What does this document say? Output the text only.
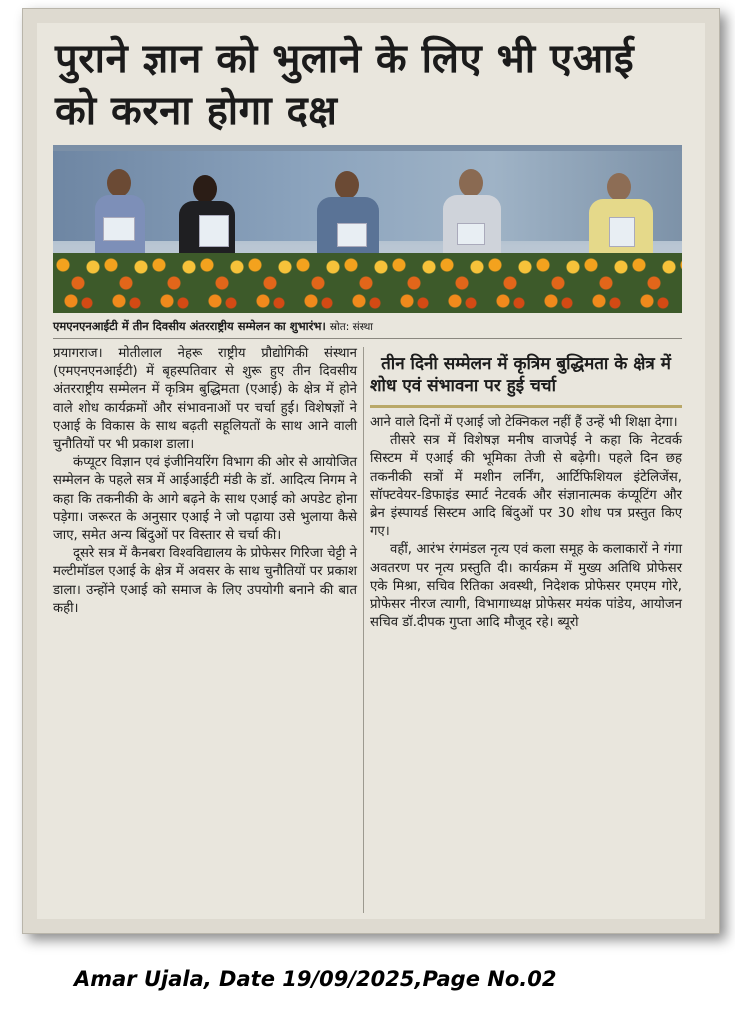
पुराने ज्ञान को भुलाने के लिए भी एआई को करना होगा दक्ष
एमएनएनआईटी में तीन दिवसीय अंतरराष्ट्रीय सम्मेलन का शुभारंभ। स्रोत: संस्था

प्रयागराज। मोतीलाल नेहरू राष्ट्रीय प्रौद्योगिकी संस्थान (एमएनएनआईटी) में बृहस्पतिवार से शुरू हुए तीन दिवसीय अंतरराष्ट्रीय सम्मेलन में कृत्रिम बुद्धिमता (एआई) के क्षेत्र में होने वाले शोध कार्यक्रमों और संभावनाओं पर चर्चा हुई। विशेषज्ञों ने एआई के विकास के साथ बढ़ती सहूलियतों के साथ आने वाली चुनौतियों पर भी प्रकाश डाला।

कंप्यूटर विज्ञान एवं इंजीनियरिंग विभाग की ओर से आयोजित सम्मेलन के पहले सत्र में आईआईटी मंडी के डॉ. आदित्य निगम ने कहा कि तकनीकी के आगे बढ़ने के साथ एआई को अपडेट होना पड़ेगा। जरूरत के अनुसार एआई ने जो पढ़ाया उसे भुलाया कैसे जाए, समेत अन्य बिंदुओं पर विस्तार से चर्चा की।

दूसरे सत्र में कैनबरा विश्वविद्यालय के प्रोफेसर गिरिजा चेट्टी ने मल्टीमॉडल एआई के क्षेत्र में अवसर के साथ चुनौतियों पर प्रकाश डाला। उन्होंने एआई को समाज के लिए उपयोगी बनाने की बात कही।

तीन दिनी सम्मेलन में कृत्रिम बुद्धिमता के क्षेत्र में शोध एवं संभावना पर हुई चर्चा

आने वाले दिनों में एआई जो टेक्निकल नहीं हैं उन्हें भी शिक्षा देगा।

तीसरे सत्र में विशेषज्ञ मनीष वाजपेई ने कहा कि नेटवर्क सिस्टम में एआई की भूमिका तेजी से बढ़ेगी। पहले दिन छह तकनीकी सत्रों में मशीन लर्निंग, आर्टिफिशियल इंटेलिजेंस, सॉफ्टवेयर-डिफाइंड स्मार्ट नेटवर्क और संज्ञानात्मक कंप्यूटिंग और ब्रेन इंस्पायर्ड सिस्टम आदि बिंदुओं पर 30 शोध पत्र प्रस्तुत किए गए।

वहीं, आरंभ रंगमंडल नृत्य एवं कला समूह के कलाकारों ने गंगा अवतरण पर नृत्य प्रस्तुति दी। कार्यक्रम में मुख्य अतिथि प्रोफेसर एके मिश्रा, सचिव रितिका अवस्थी, निदेशक प्रोफेसर एमएम गोरे, प्रोफेसर नीरज त्यागी, विभागाध्यक्ष प्रोफेसर मयंक पांडेय, आयोजन सचिव डॉ.दीपक गुप्ता आदि मौजूद रहे। ब्यूरो

Amar Ujala, Date 19/09/2025,Page No.02
